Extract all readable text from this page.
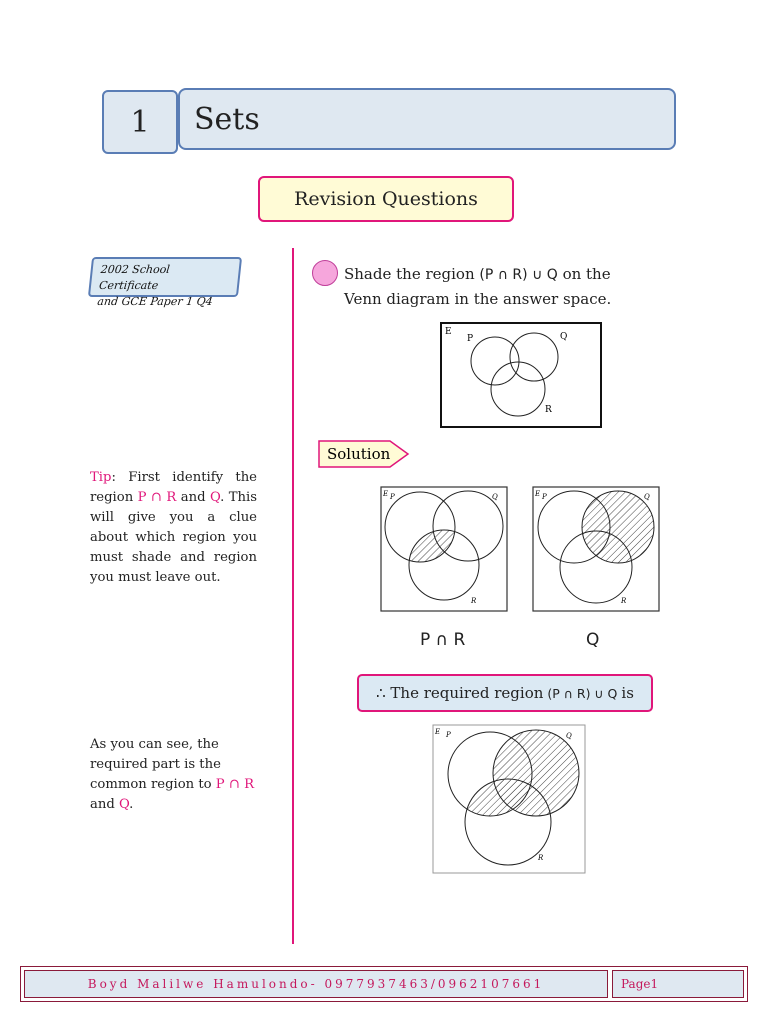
1	Sets
Revision Questions
2002 School Certificate
and GCE Paper 1 Q4
Tip: First identify the region P ∩ R and Q. This will give you a clue about which region you must shade and region you must leave out.
As you can see, the required part is the common region to P ∩ R and Q.
Shade the region (P ∩ R) ∪ Q on the Venn diagram in the answer space.
E
P	Q
R
Solution
E P	Q
R
E P	Q
R
P ∩ R	Q
∴ The required region (P ∩ R) ∪ Q is
E P	Q
R
Boyd Malilwe Hamulondo- 0977937463/0962107661	Page1
